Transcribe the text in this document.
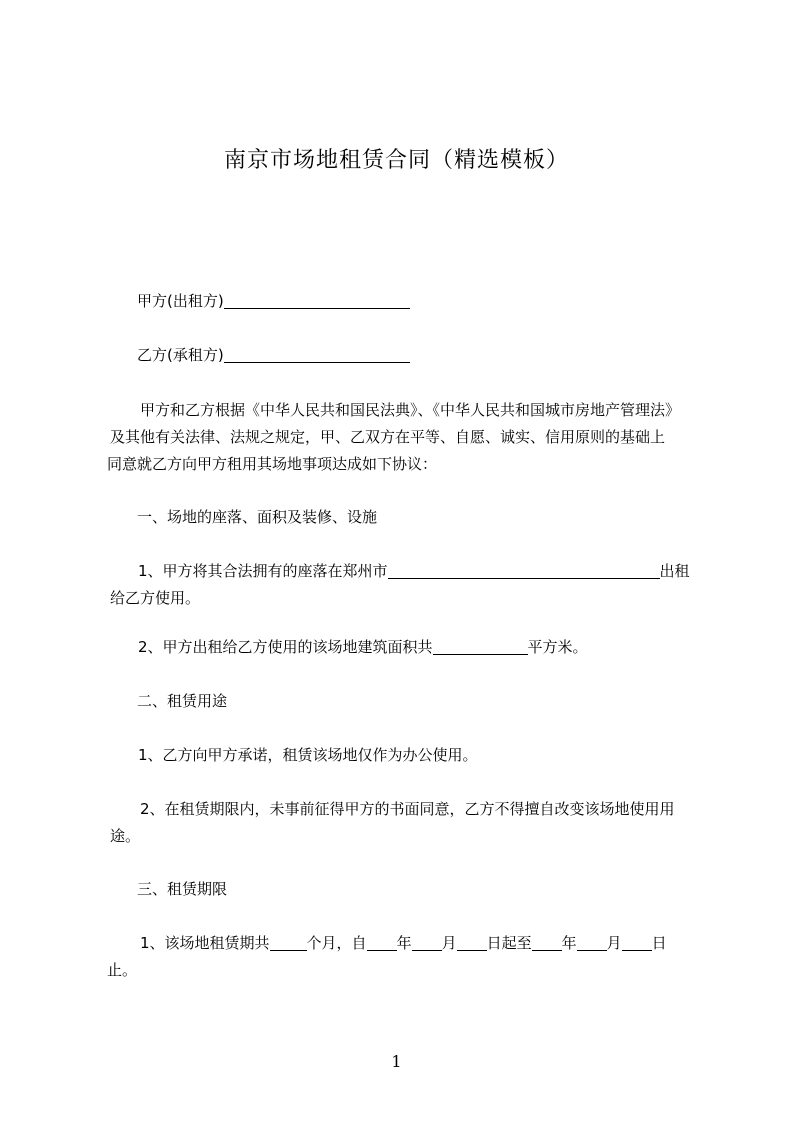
南京市场地租赁合同（精选模板）
甲方(出租方)
乙方(承租方)
甲方和乙方根据《中华人民共和国民法典》、《中华人民共和国城市房地产管理法》
及其他有关法律、法规之规定，甲、乙双方在平等、自愿、诚实、信用原则的基础上
同意就乙方向甲方租用其场地事项达成如下协议：
一、场地的座落、面积及装修、设施
1、甲方将其合法拥有的座落在郑州市	出租
给乙方使用。
2、甲方出租给乙方使用的该场地建筑面积共	平方米。
二、租赁用途
1、乙方向甲方承诺，租赁该场地仅作为办公使用。
2、在租赁期限内，未事前征得甲方的书面同意，乙方不得擅自改变该场地使用用
途。
三、租赁期限
1、该场地租赁期共 个月，自 年 月 日起至 年 月 日
止。
1
